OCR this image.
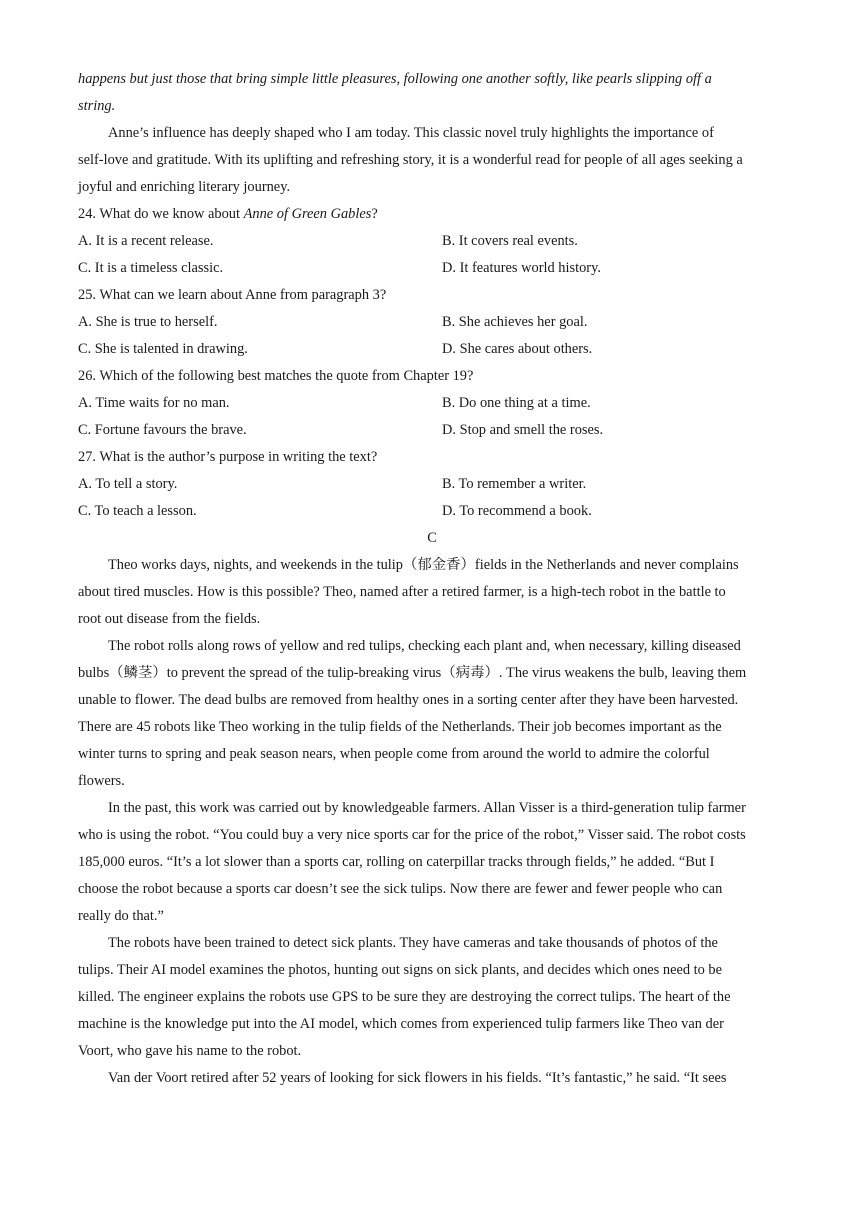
happens but just those that bring simple little pleasures, following one another softly, like pearls slipping off a
string.
Anne’s influence has deeply shaped who I am today. This classic novel truly highlights the importance of
self-love and gratitude. With its uplifting and refreshing story, it is a wonderful read for people of all ages seeking a
joyful and enriching literary journey.
24. What do we know about Anne of Green Gables?
A. It is a recent release.	B. It covers real events.
C. It is a timeless classic.	D. It features world history.
25. What can we learn about Anne from paragraph 3?
A. She is true to herself.	B. She achieves her goal.
C. She is talented in drawing.	D. She cares about others.
26. Which of the following best matches the quote from Chapter 19?
A. Time waits for no man.	B. Do one thing at a time.
C. Fortune favours the brave.	D. Stop and smell the roses.
27. What is the author’s purpose in writing the text?
A. To tell a story.	B. To remember a writer.
C. To teach a lesson.	D. To recommend a book.
C
Theo works days, nights, and weekends in the tulip（郁金香）fields in the Netherlands and never complains
about tired muscles. How is this possible? Theo, named after a retired farmer, is a high-tech robot in the battle to
root out disease from the fields.
The robot rolls along rows of yellow and red tulips, checking each plant and, when necessary, killing diseased
bulbs（鳞茎）to prevent the spread of the tulip-breaking virus（病毒）. The virus weakens the bulb, leaving them
unable to flower. The dead bulbs are removed from healthy ones in a sorting center after they have been harvested.
There are 45 robots like Theo working in the tulip fields of the Netherlands. Their job becomes important as the
winter turns to spring and peak season nears, when people come from around the world to admire the colorful
flowers.
In the past, this work was carried out by knowledgeable farmers. Allan Visser is a third-generation tulip farmer
who is using the robot. “You could buy a very nice sports car for the price of the robot,” Visser said. The robot costs
185,000 euros. “It’s a lot slower than a sports car, rolling on caterpillar tracks through fields,” he added. “But I
choose the robot because a sports car doesn’t see the sick tulips. Now there are fewer and fewer people who can
really do that.”
The robots have been trained to detect sick plants. They have cameras and take thousands of photos of the
tulips. Their AI model examines the photos, hunting out signs on sick plants, and decides which ones need to be
killed. The engineer explains the robots use GPS to be sure they are destroying the correct tulips. The heart of the
machine is the knowledge put into the AI model, which comes from experienced tulip farmers like Theo van der
Voort, who gave his name to the robot.
Van der Voort retired after 52 years of looking for sick flowers in his fields. “It’s fantastic,” he said. “It sees
